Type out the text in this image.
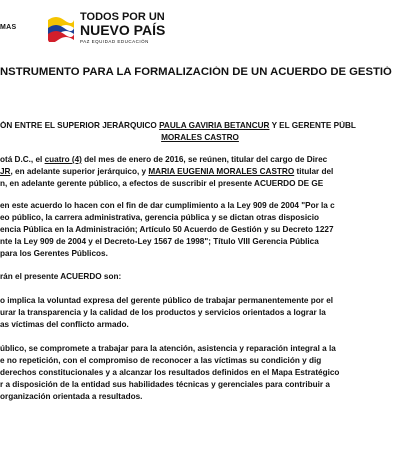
MAS
TODOS POR UN
NUEVO PAÍS
PAZ EQUIDAD EDUCACIÓN
NSTRUMENTO PARA LA FORMALIZACIÓN DE UN ACUERDO DE GESTIÓ
ÓN ENTRE EL SUPERIOR JERÁRQUICO PAULA GAVIRIA BETANCUR Y EL GERENTE PÚBL
MORALES CASTRO
otá D.C., el cuatro (4) del mes de enero de 2016, se reúnen, titular del cargo de Direc
JR, en adelante superior jerárquico, y MARIA EUGENIA MORALES CASTRO titular del
n, en adelante gerente público, a efectos de suscribir el presente ACUERDO DE GE
en este acuerdo lo hacen con el fin de dar cumplimiento a la Ley 909 de 2004 "Por la c
eo público, la carrera administrativa, gerencia pública y se dictan otras disposicio
encia Pública en la Administración; Artículo 50 Acuerdo de Gestión y su Decreto 1227
nte la Ley 909 de 2004 y el Decreto-Ley 1567 de 1998"; Título VIII Gerencia Pública
para los Gerentes Públicos.
rán el presente ACUERDO son:
o implica la voluntad expresa del gerente público de trabajar permanentemente por el
urar la transparencia y la calidad de los productos y servicios orientados a lograr la
as víctimas del conflicto armado.
úblico, se compromete a trabajar para la atención, asistencia y reparación integral a la
e no repetición, con el compromiso de reconocer a las víctimas su condición y dig
derechos constitucionales y a alcanzar los resultados definidos en el Mapa Estratégico
r a disposición de la entidad sus habilidades técnicas y gerenciales para contribuir a
organización orientada a resultados.
